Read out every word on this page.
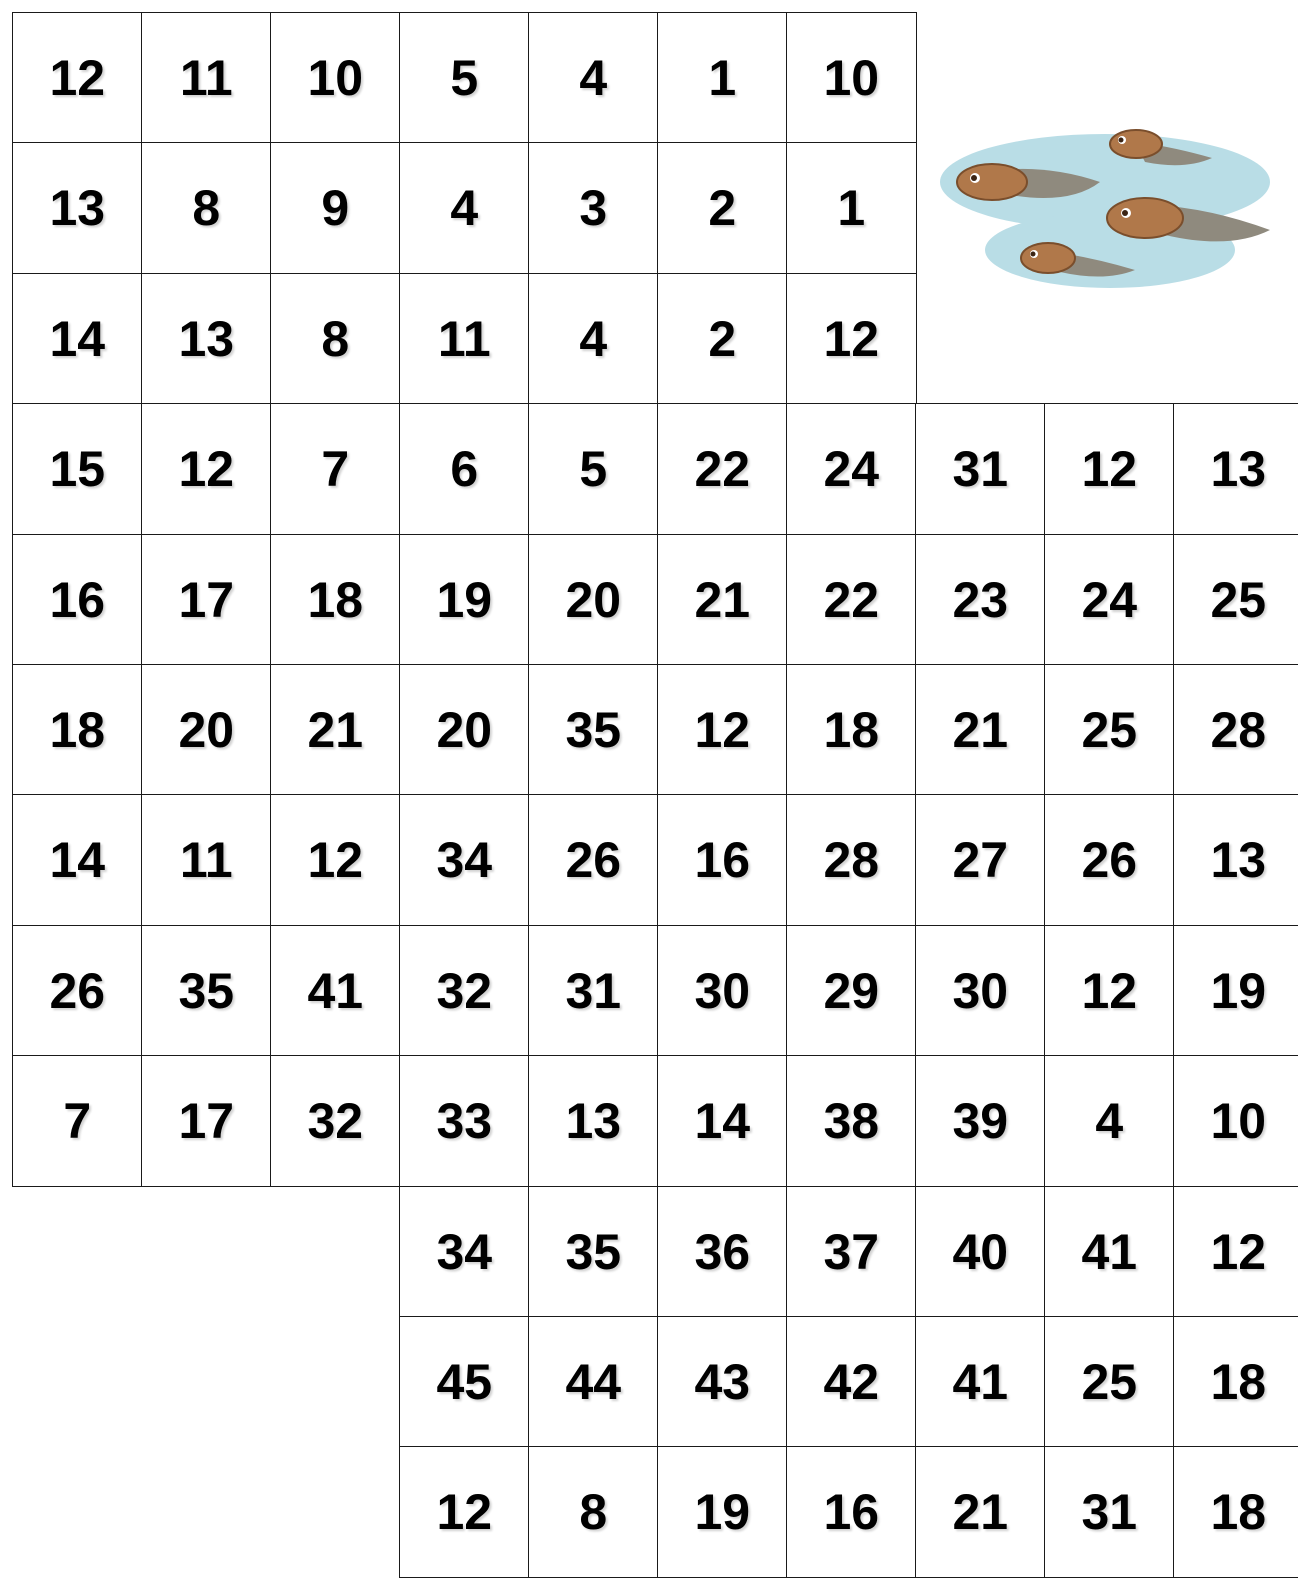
12 11 10 5 4 1 10
13 8 9 4 3 2 1
14 13 8 11 4 2 12
15 12 7 6 5 22 24 31 12 13
16 17 18 19 20 21 22 23 24 25
18 20 21 20 35 12 18 21 25 28
14 11 12 34 26 16 28 27 26 13
26 35 41 32 31 30 29 30 12 19
7 17 32 33 13 14 38 39 4 10
34 35 36 37 40 41 12
45 44 43 42 41 25 18
12 8 19 16 21 31 18
